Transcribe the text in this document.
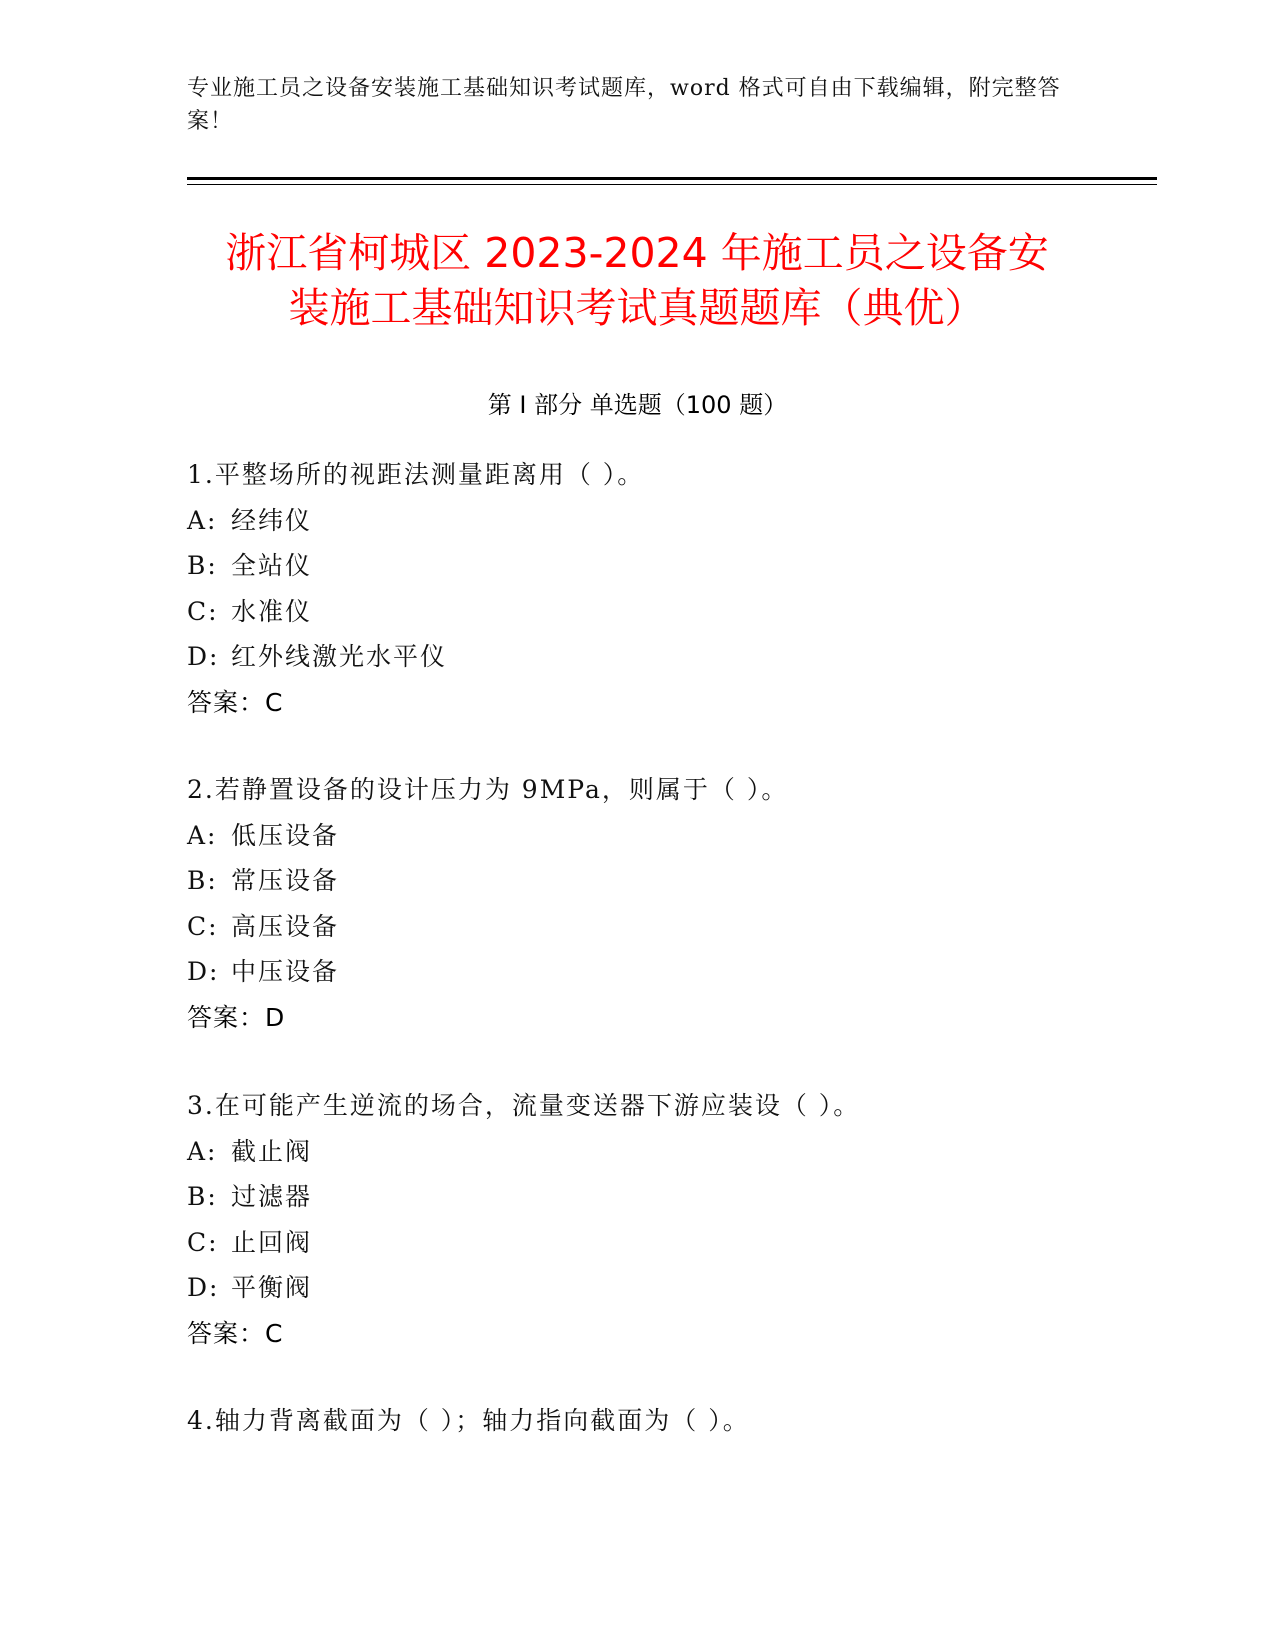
专业施工员之设备安装施工基础知识考试题库，word 格式可自由下载编辑，附完整答案！
浙江省柯城区 2023-2024 年施工员之设备安
装施工基础知识考试真题题库（典优）
第 I 部分 单选题（100 题）
1.平整场所的视距法测量距离用（ ）。
A: 经纬仪
B: 全站仪
C: 水准仪
D: 红外线激光水平仪
答案：C
2.若静置设备的设计压力为 9MPa，则属于（ ）。
A: 低压设备
B: 常压设备
C: 高压设备
D: 中压设备
答案：D
3.在可能产生逆流的场合，流量变送器下游应装设（ ）。
A: 截止阀
B: 过滤器
C: 止回阀
D: 平衡阀
答案：C
4.轴力背离截面为（ ）；轴力指向截面为（ ）。
